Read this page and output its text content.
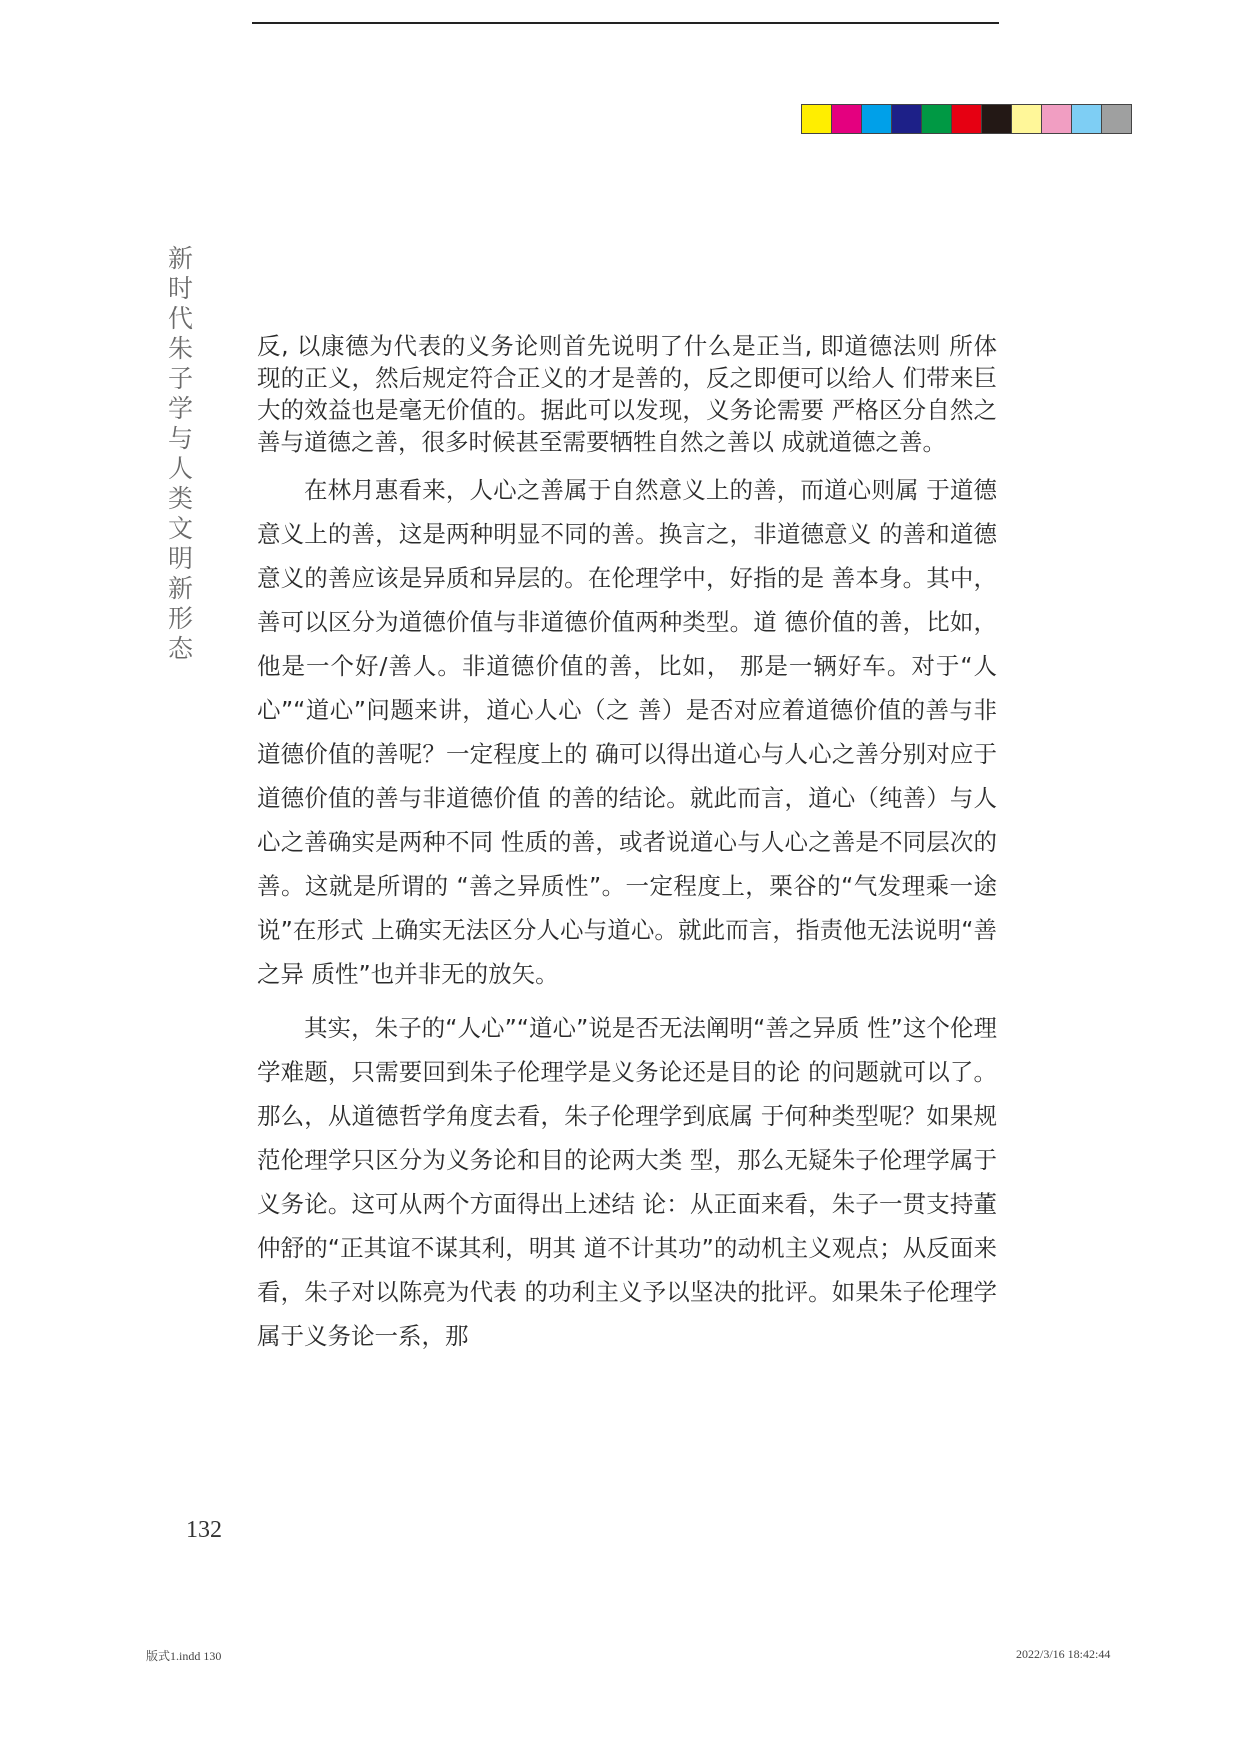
新时代朱子学与人类文明新形态

反, 以康德为代表的义务论则首先说明了什么是正当, 即道德法则 所体现的正义，然后规定符合正义的才是善的，反之即便可以给人 们带来巨大的效益也是毫无价值的。据此可以发现，义务论需要 严格区分自然之善与道德之善，很多时候甚至需要牺牲自然之善以 成就道德之善。

在林月惠看来，人心之善属于自然意义上的善，而道心则属 于道德意义上的善，这是两种明显不同的善。换言之，非道德意义 的善和道德意义的善应该是异质和异层的。在伦理学中，好指的是 善本身。其中，善可以区分为道德价值与非道德价值两种类型。道 德价值的善，比如，他是一个好/善人。非道德价值的善，比如， 那是一辆好车。对于“人心”“道心”问题来讲，道心人心（之 善）是否对应着道德价值的善与非道德价值的善呢？一定程度上的 确可以得出道心与人心之善分别对应于道德价值的善与非道德价值 的善的结论。就此而言，道心（纯善）与人心之善确实是两种不同 性质的善，或者说道心与人心之善是不同层次的善。这就是所谓的 “善之异质性”。一定程度上，栗谷的“气发理乘一途说”在形式 上确实无法区分人心与道心。就此而言，指责他无法说明“善之异 质性”也并非无的放矢。

其实，朱子的“人心”“道心”说是否无法阐明“善之异质 性”这个伦理学难题，只需要回到朱子伦理学是义务论还是目的论 的问题就可以了。那么，从道德哲学角度去看，朱子伦理学到底属 于何种类型呢？如果规范伦理学只区分为义务论和目的论两大类 型，那么无疑朱子伦理学属于义务论。这可从两个方面得出上述结 论：从正面来看，朱子一贯支持董仲舒的“正其谊不谋其利，明其 道不计其功”的动机主义观点；从反面来看，朱子对以陈亮为代表 的功利主义予以坚决的批评。如果朱子伦理学属于义务论一系，那

132
版式1.indd 130	2022/3/16 18:42:44
